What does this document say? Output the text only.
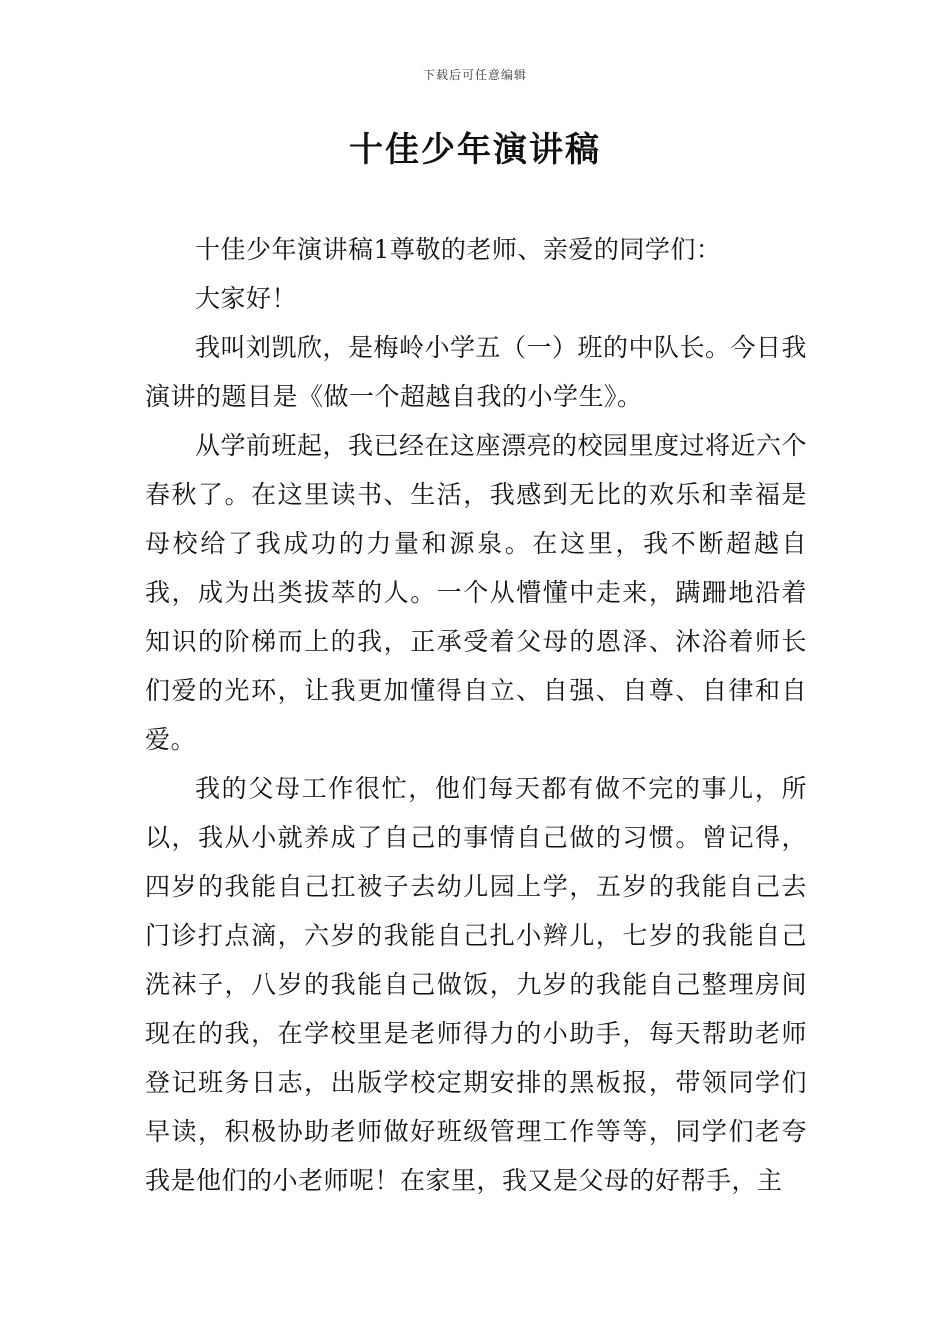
下载后可任意编辑
十佳少年演讲稿

十佳少年演讲稿1尊敬的老师、亲爱的同学们：

大家好！

我叫刘凯欣，是梅岭小学五（一）班的中队长。今日我演讲的题目是《做一个超越自我的小学生》。

从学前班起，我已经在这座漂亮的校园里度过将近六个春秋了。在这里读书、生活，我感到无比的欢乐和幸福是母校给了我成功的力量和源泉。在这里，我不断超越自我，成为出类拔萃的人。一个从懵懂中走来，蹒跚地沿着知识的阶梯而上的我，正承受着父母的恩泽、沐浴着师长们爱的光环，让我更加懂得自立、自强、自尊、自律和自爱。

我的父母工作很忙，他们每天都有做不完的事儿，所以，我从小就养成了自己的事情自己做的习惯。曾记得，四岁的我能自己扛被子去幼儿园上学，五岁的我能自己去门诊打点滴，六岁的我能自己扎小辫儿，七岁的我能自己洗袜子，八岁的我能自己做饭，九岁的我能自己整理房间现在的我，在学校里是老师得力的小助手，每天帮助老师登记班务日志，出版学校定期安排的黑板报，带领同学们早读，积极协助老师做好班级管理工作等等，同学们老夸我是他们的小老师呢！在家里，我又是父母的好帮手，主
